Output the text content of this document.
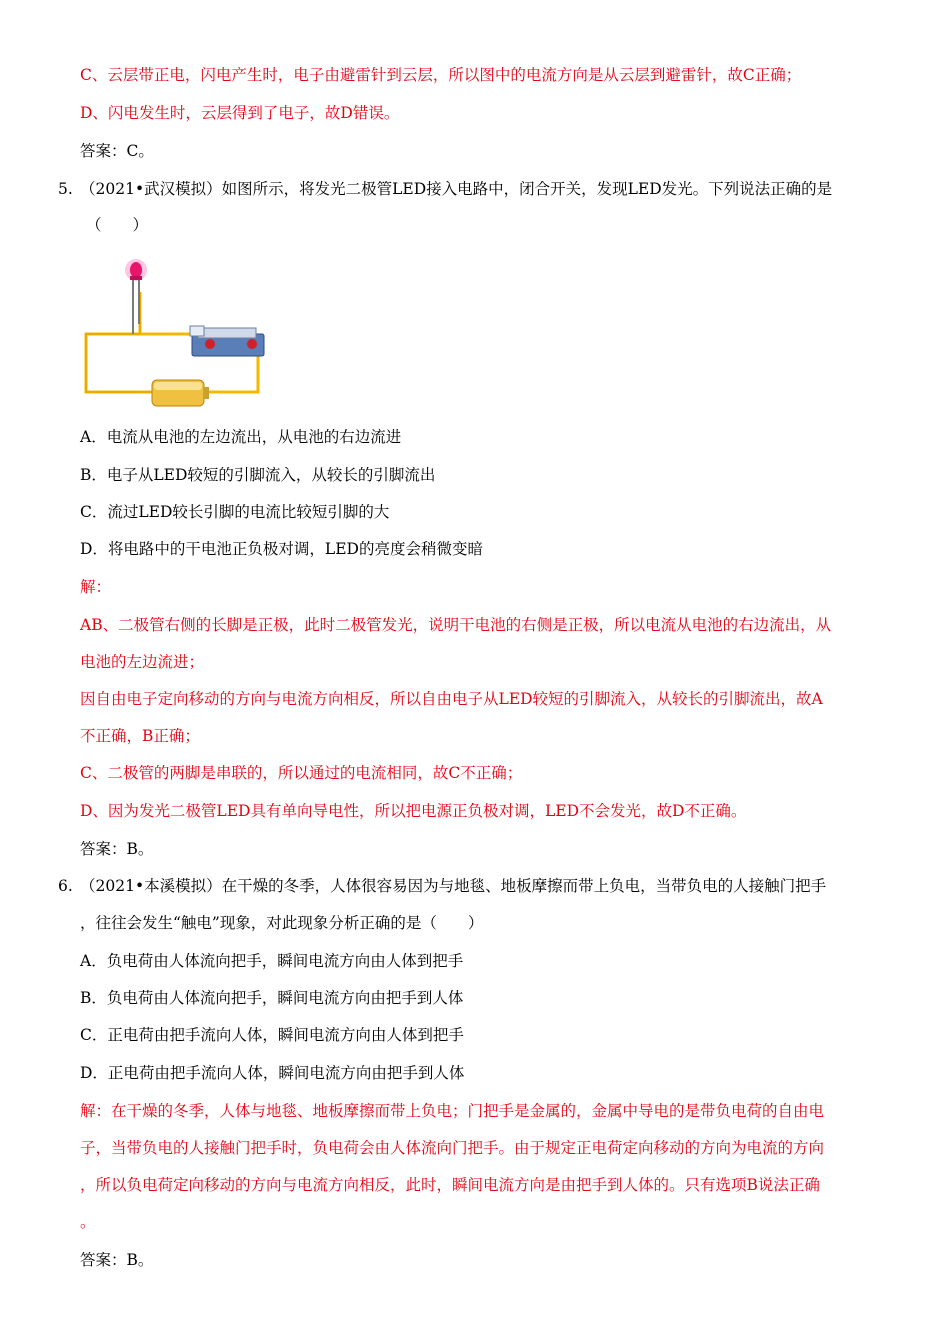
C、云层带正电，闪电产生时，电子由避雷针到云层，所以图中的电流方向是从云层到避雷针，故C正确；
D、闪电发生时，云层得到了电子，故D错误。
答案：C。
5. （2021•武汉模拟）如图所示，将发光二极管LED接入电路中，闭合开关，发现LED发光。下列说法正确的是
（　　）
A．电流从电池的左边流出，从电池的右边流进
B．电子从LED较短的引脚流入，从较长的引脚流出
C．流过LED较长引脚的电流比较短引脚的大
D．将电路中的干电池正负极对调，LED的亮度会稍微变暗
解：
AB、二极管右侧的长脚是正极，此时二极管发光，说明干电池的右侧是正极，所以电流从电池的右边流出，从
电池的左边流进；
因自由电子定向移动的方向与电流方向相反，所以自由电子从LED较短的引脚流入，从较长的引脚流出，故A
不正确，B正确；
C、二极管的两脚是串联的，所以通过的电流相同，故C不正确；
D、因为发光二极管LED具有单向导电性，所以把电源正负极对调，LED不会发光，故D不正确。
答案：B。
6. （2021•本溪模拟）在干燥的冬季，人体很容易因为与地毯、地板摩擦而带上负电，当带负电的人接触门把手
，往往会发生“触电”现象，对此现象分析正确的是（　　）
A．负电荷由人体流向把手，瞬间电流方向由人体到把手
B．负电荷由人体流向把手，瞬间电流方向由把手到人体
C．正电荷由把手流向人体，瞬间电流方向由人体到把手
D．正电荷由把手流向人体，瞬间电流方向由把手到人体
解：在干燥的冬季，人体与地毯、地板摩擦而带上负电；门把手是金属的，金属中导电的是带负电荷的自由电
子，当带负电的人接触门把手时，负电荷会由人体流向门把手。由于规定正电荷定向移动的方向为电流的方向
，所以负电荷定向移动的方向与电流方向相反，此时，瞬间电流方向是由把手到人体的。只有选项B说法正确
。
答案：B。
